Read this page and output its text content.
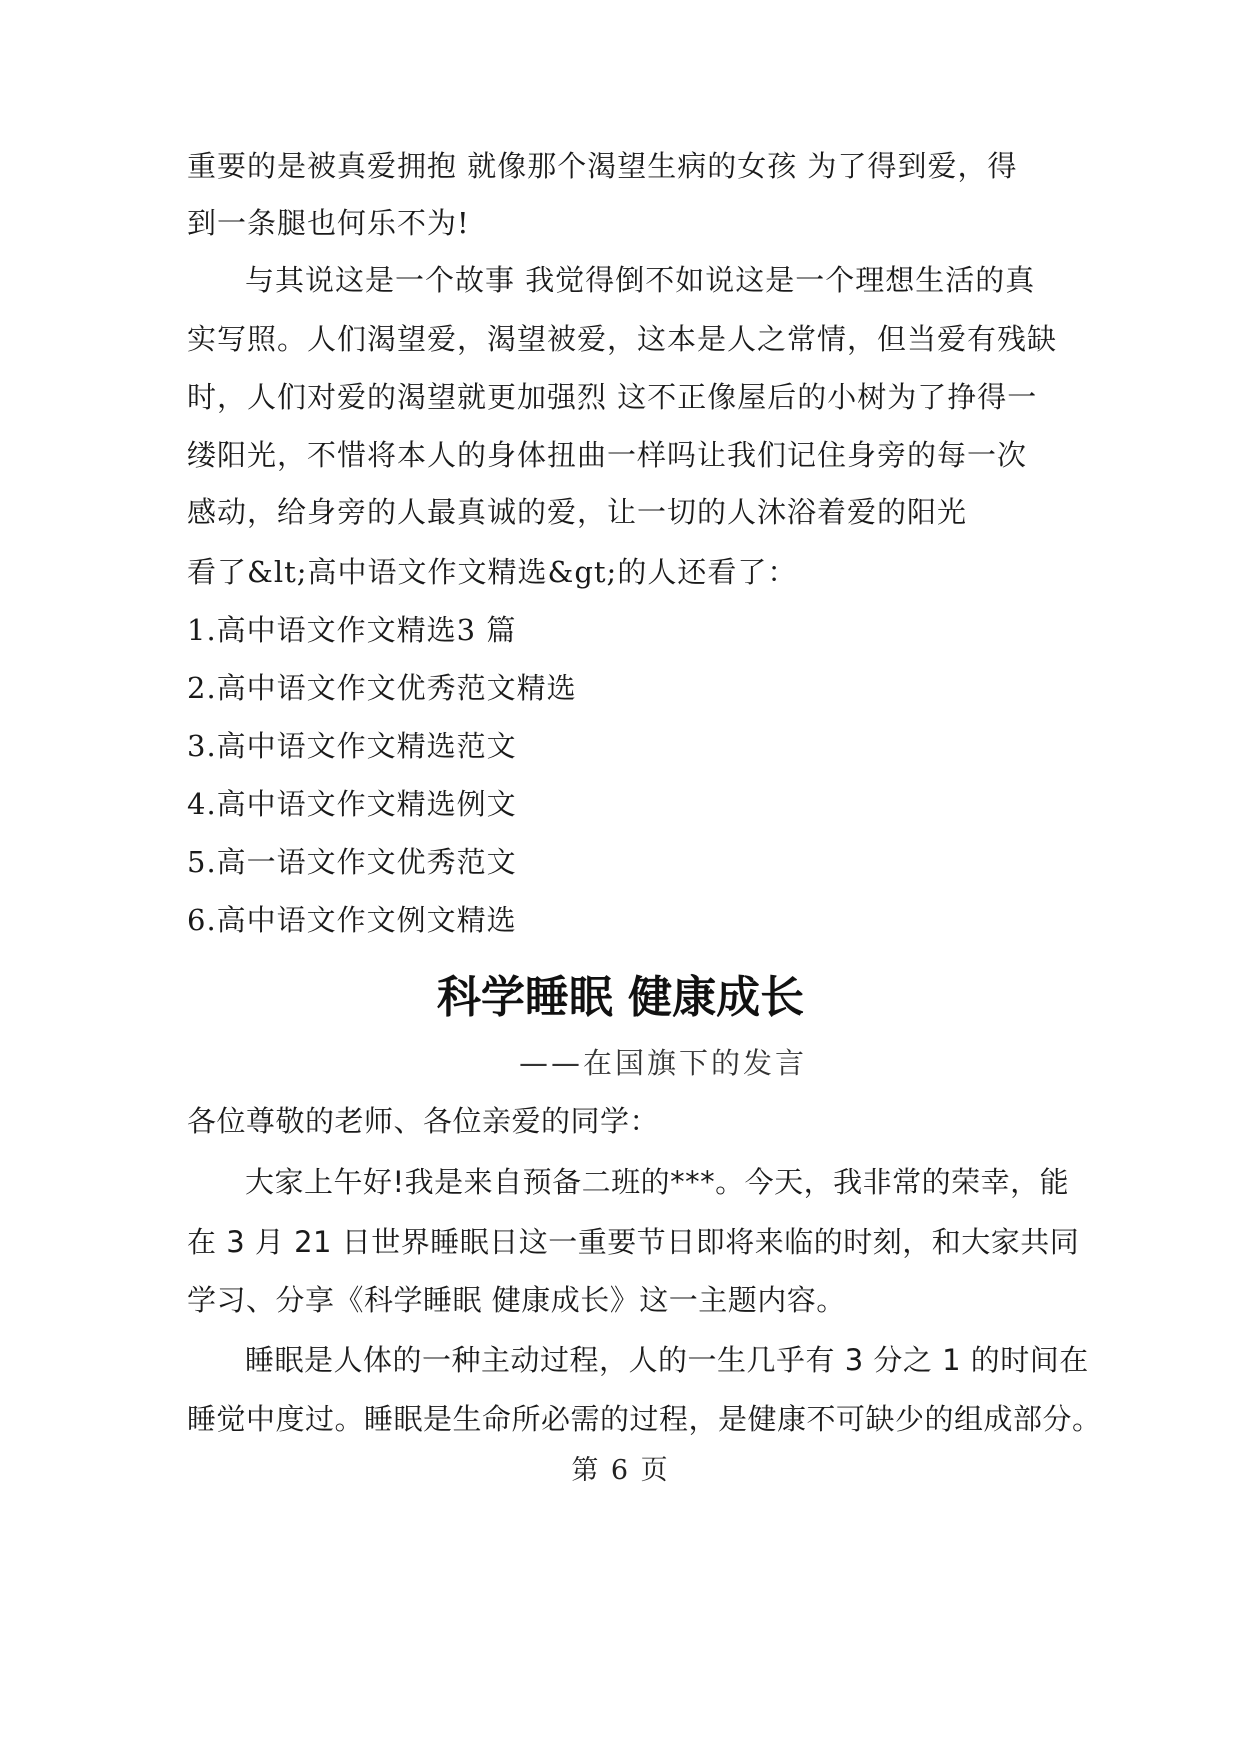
重要的是被真爱拥抱 就像那个渴望生病的女孩 为了得到爱，得
到一条腿也何乐不为!
与其说这是一个故事 我觉得倒不如说这是一个理想生活的真
实写照。人们渴望爱，渴望被爱，这本是人之常情，但当爱有残缺
时，人们对爱的渴望就更加强烈 这不正像屋后的小树为了挣得一
缕阳光，不惜将本人的身体扭曲一样吗让我们记住身旁的每一次
感动，给身旁的人最真诚的爱，让一切的人沐浴着爱的阳光
看了&lt;高中语文作文精选&gt;的人还看了：
1.高中语文作文精选3 篇
2.高中语文作文优秀范文精选
3.高中语文作文精选范文
4.高中语文作文精选例文
5.高一语文作文优秀范文
6.高中语文作文例文精选
科学睡眠 健康成长
——在国旗下的发言
各位尊敬的老师、各位亲爱的同学：
大家上午好!我是来自预备二班的***。今天，我非常的荣幸，能
在 3 月 21 日世界睡眠日这一重要节日即将来临的时刻，和大家共同
学习、分享《科学睡眠 健康成长》这一主题内容。
睡眠是人体的一种主动过程，人的一生几乎有 3 分之 1 的时间在
睡觉中度过。睡眠是生命所必需的过程，是健康不可缺少的组成部分。
第 6 页
